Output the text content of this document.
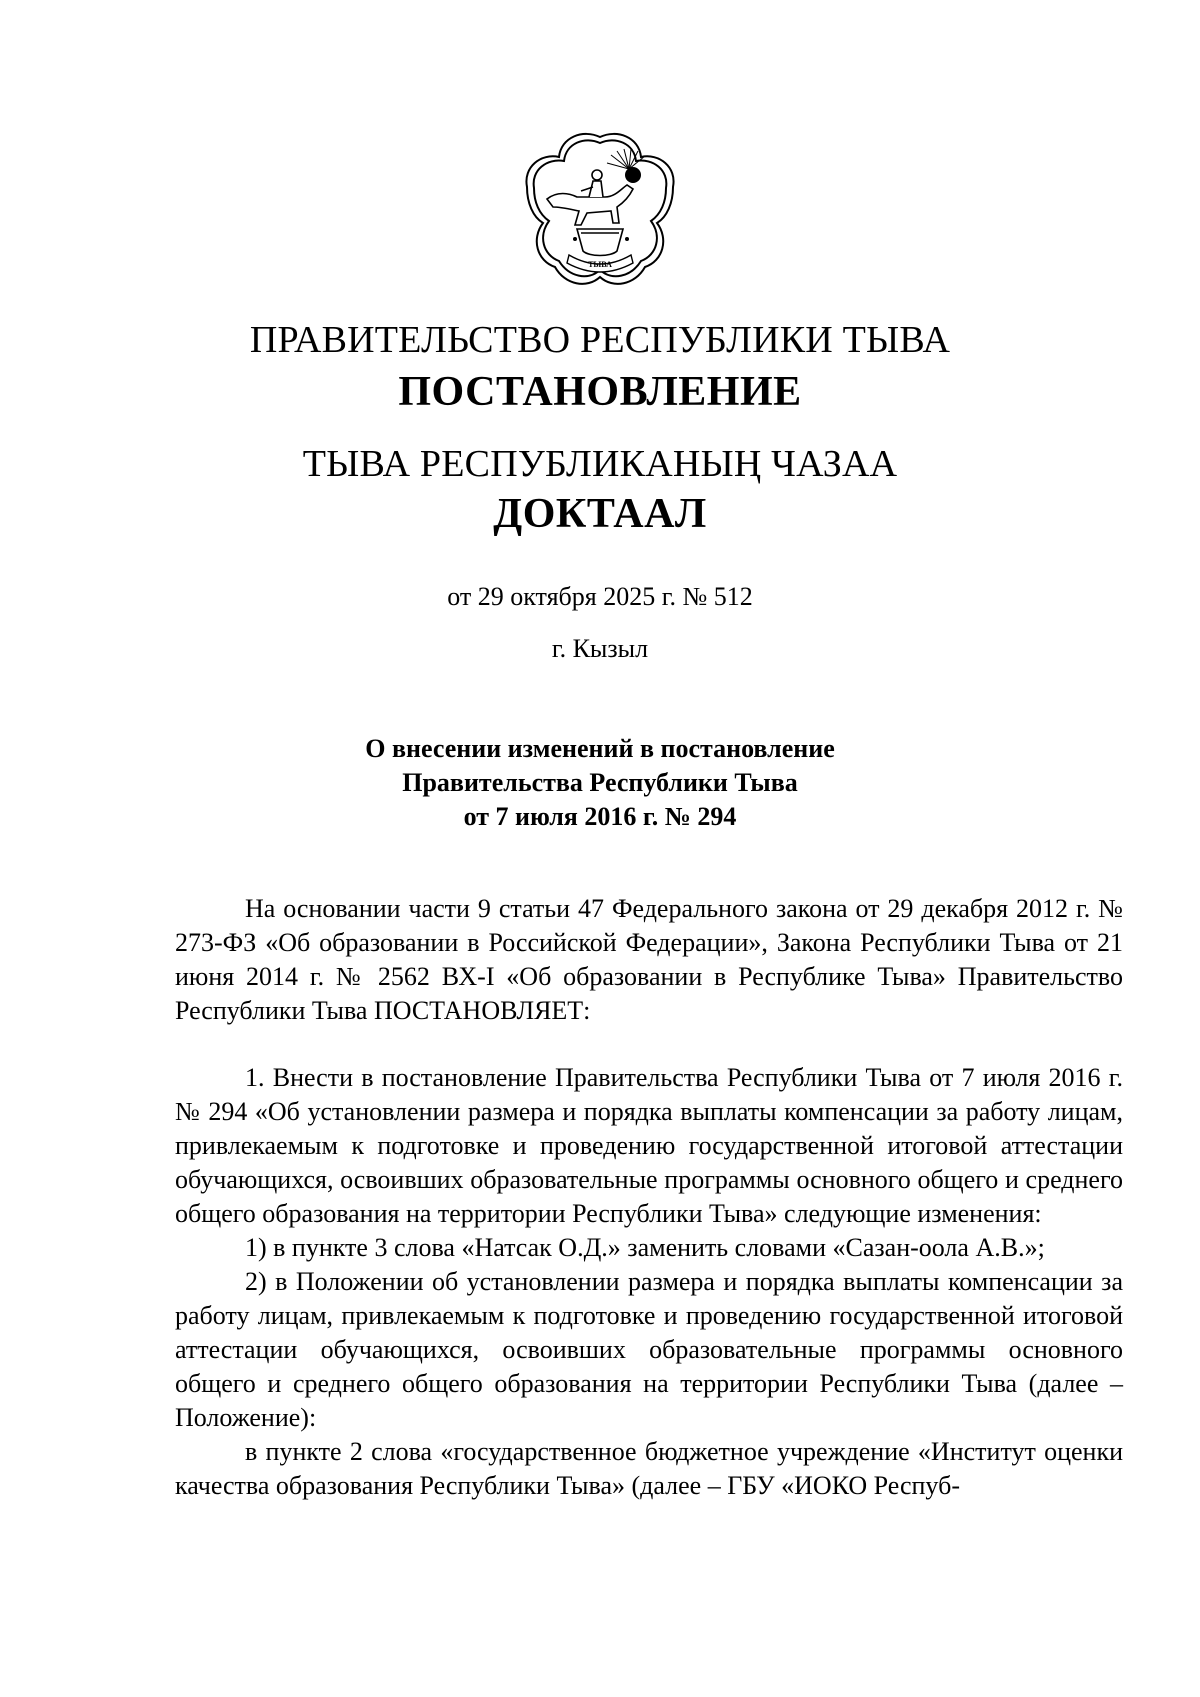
ТЫВА
ПРАВИТЕЛЬСТВО РЕСПУБЛИКИ ТЫВА
ПОСТАНОВЛЕНИЕ
ТЫВА РЕСПУБЛИКАНЫҢ ЧАЗАА
ДОКТААЛ
от 29 октября 2025 г. № 512
г. Кызыл
О внесении изменений в постановление
Правительства Республики Тыва
от 7 июля 2016 г. № 294

На основании части 9 статьи 47 Федерального закона от 29 декабря 2012 г. № 273-ФЗ «Об образовании в Российской Федерации», Закона Республики Тыва от 21 июня 2014 г. № 2562 ВХ-I «Об образовании в Республике Тыва» Правительство Республики Тыва ПОСТАНОВЛЯЕТ:

1. Внести в постановление Правительства Республики Тыва от 7 июля 2016 г. № 294 «Об установлении размера и порядка выплаты компенсации за работу лицам, привлекаемым к подготовке и проведению государственной итоговой аттестации обучающихся, освоивших образовательные программы основного общего и среднего общего образования на территории Республики Тыва» следующие изменения:

1) в пункте 3 слова «Натсак О.Д.» заменить словами «Сазан-оола А.В.»;

2) в Положении об установлении размера и порядка выплаты компенсации за работу лицам, привлекаемым к подготовке и проведению государственной итоговой аттестации обучающихся, освоивших образовательные программы основного общего и среднего общего образования на территории Республики Тыва (далее – Положение):

в пункте 2 слова «государственное бюджетное учреждение «Институт оценки качества образования Республики Тыва» (далее – ГБУ «ИОКО Респуб-
